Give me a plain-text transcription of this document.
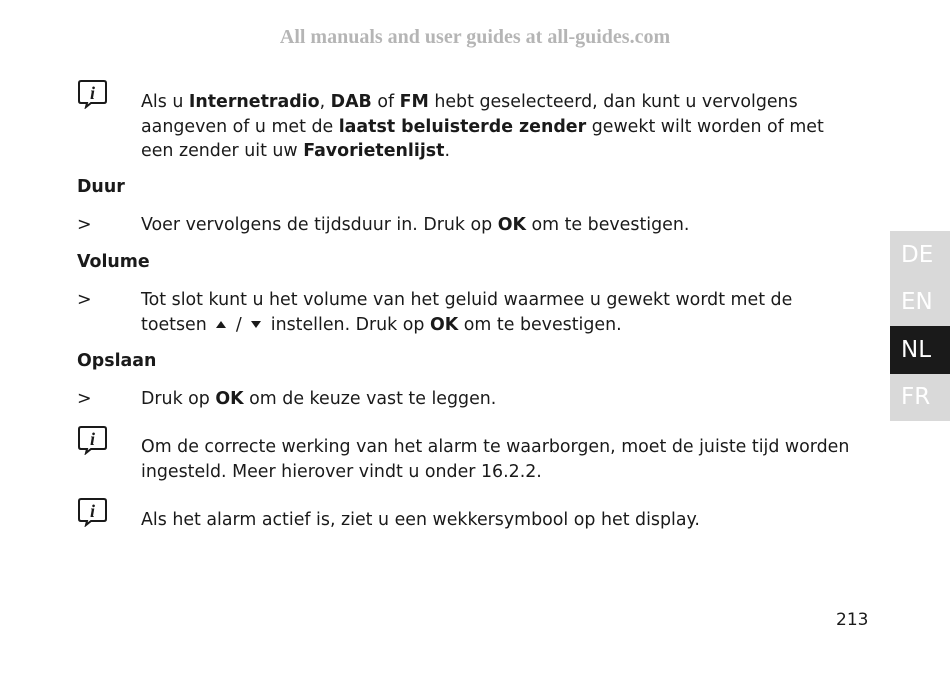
All manuals and user guides at all-guides.com
i	Als u Internetradio, DAB of FM hebt geselecteerd, dan kunt u vervolgens aangeven of u met de laatst beluisterde zender gewekt wilt worden of met een zender uit uw Favorietenlijst.
Duur
>	Voer vervolgens de tijdsduur in. Druk op OK om te bevestigen.
Volume
>	Tot slot kunt u het volume van het geluid waarmee u gewekt wordt met de toetsen  /  instellen. Druk op OK om te bevestigen.
Opslaan
>	Druk op OK om de keuze vast te leggen.
i	Om de correcte werking van het alarm te waarborgen, moet de juiste tijd worden ingesteld. Meer hierover vindt u onder 16.2.2.
i	Als het alarm actief is, ziet u een wekkersymbool op het display.
DE
EN
NL
FR
213
